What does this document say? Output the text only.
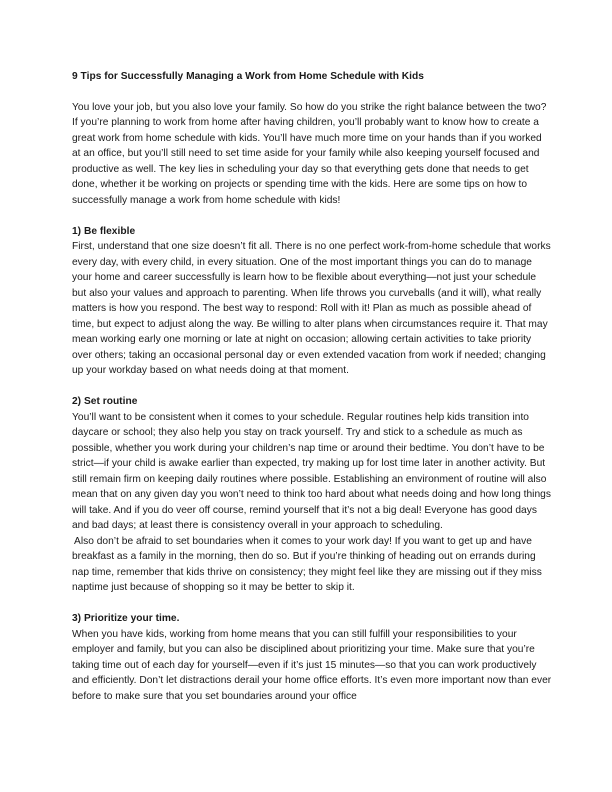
9 Tips for Successfully Managing a Work from Home Schedule with Kids

You love your job, but you also love your family. So how do you strike the right balance between the two? If you’re planning to work from home after having children, you’ll probably want to know how to create a great work from home schedule with kids. You’ll have much more time on your hands than if you worked at an office, but you’ll still need to set time aside for your family while also keeping yourself focused and productive as well. The key lies in scheduling your day so that everything gets done that needs to get done, whether it be working on projects or spending time with the kids. Here are some tips on how to successfully manage a work from home schedule with kids!

1) Be flexible

First, understand that one size doesn’t fit all. There is no one perfect work-from-home schedule that works every day, with every child, in every situation. One of the most important things you can do to manage your home and career successfully is learn how to be flexible about everything—not just your schedule but also your values and approach to parenting. When life throws you curveballs (and it will), what really matters is how you respond. The best way to respond: Roll with it! Plan as much as possible ahead of time, but expect to adjust along the way. Be willing to alter plans when circumstances require it. That may mean working early one morning or late at night on occasion; allowing certain activities to take priority over others; taking an occasional personal day or even extended vacation from work if needed; changing up your workday based on what needs doing at that moment.

2) Set routine

You’ll want to be consistent when it comes to your schedule. Regular routines help kids transition into daycare or school; they also help you stay on track yourself. Try and stick to a schedule as much as possible, whether you work during your children’s nap time or around their bedtime. You don’t have to be strict—if your child is awake earlier than expected, try making up for lost time later in another activity. But still remain firm on keeping daily routines where possible. Establishing an environment of routine will also mean that on any given day you won’t need to think too hard about what needs doing and how long things will take. And if you do veer off course, remind yourself that it’s not a big deal! Everyone has good days and bad days; at least there is consistency overall in your approach to scheduling.

Also don’t be afraid to set boundaries when it comes to your work day! If you want to get up and have breakfast as a family in the morning, then do so. But if you’re thinking of heading out on errands during nap time, remember that kids thrive on consistency; they might feel like they are missing out if they miss naptime just because of shopping so it may be better to skip it.

3) Prioritize your time.

When you have kids, working from home means that you can still fulfill your responsibilities to your employer and family, but you can also be disciplined about prioritizing your time. Make sure that you’re taking time out of each day for yourself—even if it’s just 15 minutes—so that you can work productively and efficiently. Don’t let distractions derail your home office efforts. It’s even more important now than ever before to make sure that you set boundaries around your office
